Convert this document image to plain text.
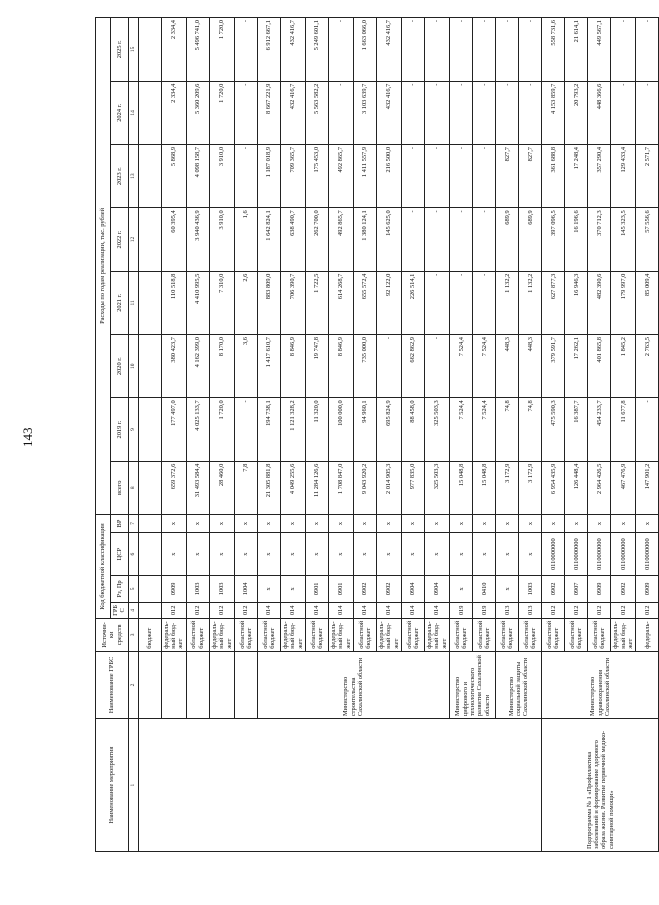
143
Наименование мероприятия	Наименование ГРБС	Источни-ки средств	Код бюджетной классификации				Расходы по годам реализации, тыс. рублей							
			ГРБ С	Рз, Пр	ЦСР	ВР	всего	2019 г.	2020 г.	2021 г.	2022 г.	2023 г.	2024 г.	2025 г.
1	2	3	4	5	6	7	8	9	10	11	12	13	14	15
		бюджет												
		федераль-ный бюд-жет	012	0909	х	х	659 372,6	177 497,0	380 423,7	110 518,8	60 395,4	5 868,9	2 334,4	2 334,4
		областной бюджет	012	1003	х	х	31 493 584,4	4 025 133,7	4 162 399,0	4 410 995,5	3 940 436,9	4 098 158,7	5 360 209,6	5 496 741,0
		федераль-ный бюд-жет	012	1003	х	х	28 460,0	1 720,0	8 170,0	7 310,0	3 910,0	3 910,0	1 720,0	1 720,0
		областной бюджет	012	1004	х	х	7,8	-	3,6	2,6	1,6	-	-	-
	Министерство строительства Сахалинской области	областной бюджет	014	х	х	х	21 305 881,8	194 738,1	1 417 610,7	883 809,0	1 642 824,1	1 187 018,9	8 667 221,9	6 912 667,1
		федераль-ный бюд-жет	014	х	х	х	4 049 255,6	1 121 328,2	8 846,9	706 390,7	638 490,7	709 365,7	432 416,7	432 416,7
		областной бюджет	014	0901	х	х	11 284 126,6	11 320,0	19 747,8	1 722,5	262 700,0	175 453,0	5 563 582,2	5 249 601,1
		федераль-ный бюд-жет	014	0901	х	х	1 708 847,0	100 000,0	8 846,9	614 268,7	492 865,7	492 865,7	-	-
		областной бюджет	014	0902	х	х	9 043 920,2	94 960,1	735 000,0	655 572,4	1 380 124,1	1 411 557,9	3 103 639,7	1 663 066,0
		федераль-ный бюд-жет	014	0902	х	х	2 014 905,3	695 824,9	-	92 122,0	145 625,0	216 500,0	432 416,7	432 416,7
		областной бюджет	014	0904	х	х	977 835,0	88 458,0	662 862,9	226 514,1	-	-	-	-
		федераль-ный бюд-жет	014	0904	х	х	325 503,3	325 503,3	-	-	-	-	-	-
	Министерство цифрового и технологического развития Сахалинской области	областной бюджет	019	х	х	х	15 048,8	7 524,4	7 524,4	-	-	-	-	-
		областной бюджет	019	0410	х	х	15 048,8	7 524,4	7 524,4	-	-	-	-	-
	Министерство социальной защиты Сахалинской области	областной бюджет	013	х	х	х	3 172,9	74,8	448,3	1 132,2	689,9	827,7	-	-
		областной бюджет	013	1003	х	х	3 172,9	74,8	448,3	1 132,2	689,9	827,7	-	-
Подпрограмма № 1 «Профилактика заболеваний и формирование здорового образа жизни. Развитие первичной медико-санитарной помощи»	Министерство здравоохранения Сахалинской области	областной бюджет	012	0902	0110000000	х	6 954 435,9	475 590,3	379 591,7	627 877,3	397 096,5	361 688,8	4 153 859,7	558 731,6
		областной бюджет	012	0907	0110000000	х	126 448,4	16 387,7	17 262,1	16 946,3	16 196,6	17 248,4	20 793,2	21 614,1
		областной бюджет	012	0909	0110000000	х	2 964 426,5	454 233,7	401 865,8	482 390,6	370 712,3	357 290,4	448 366,6	449 567,1
		федераль-ный бюд-жет	012	0902	0110000000	х	467 476,9	11 677,8	1 845,2	179 997,0	145 323,5	129 433,4	-	-
		федераль-	012	0909	0110000000	х	147 901,2	-	2 763,5	85 009,4	57 556,6	2 571,7	-	-
